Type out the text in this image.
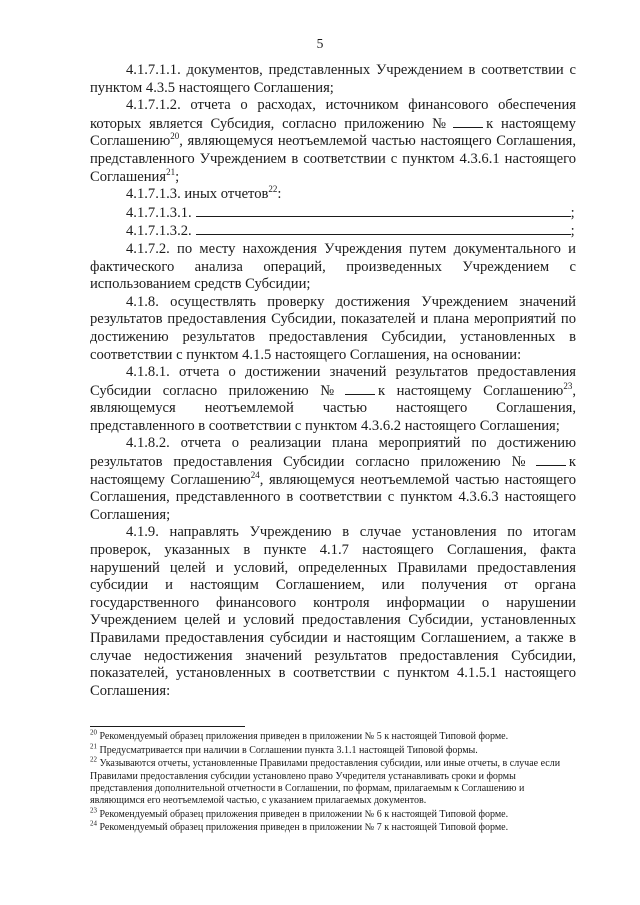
5

4.1.7.1.1. документов, представленных Учреждением в соответствии с пунктом 4.3.5 настоящего Соглашения;

4.1.7.1.2. отчета о расходах, источником финансового обеспечения которых является Субсидия, согласно приложению № к настоящему Соглашению$^{20}$, являющемуся неотъемлемой частью настоящего Соглашения, представленного Учреждением в соответствии с пунктом 4.3.6.1 настоящего Соглашения$^{21}$;

4.1.7.1.3. иных отчетов$^{22}$:

4.1.7.1.3.1.	;

4.1.7.1.3.2.	;

4.1.7.2. по месту нахождения Учреждения путем документального и фактического анализа операций, произведенных Учреждением с использованием средств Субсидии;

4.1.8. осуществлять проверку достижения Учреждением значений результатов предоставления Субсидии, показателей и плана мероприятий по достижению результатов предоставления Субсидии, установленных в соответствии с пунктом 4.1.5 настоящего Соглашения, на основании:

4.1.8.1. отчета о достижении значений результатов предоставления Субсидии согласно приложению № к настоящему Соглашению$^{23}$, являющемуся неотъемлемой частью настоящего Соглашения, представленного в соответствии с пунктом 4.3.6.2 настоящего Соглашения;

4.1.8.2. отчета о реализации плана мероприятий по достижению результатов предоставления Субсидии согласно приложению № к настоящему Соглашению$^{24}$, являющемуся неотъемлемой частью настоящего Соглашения, представленного в соответствии с пунктом 4.3.6.3 настоящего Соглашения;

4.1.9. направлять Учреждению в случае установления по итогам проверок, указанных в пункте 4.1.7 настоящего Соглашения, факта нарушений целей и условий, определенных Правилами предоставления субсидии и настоящим Соглашением, или получения от органа государственного финансового контроля информации о нарушении Учреждением целей и условий предоставления Субсидии, установленных Правилами предоставления субсидии и настоящим Соглашением, а также в случае недостижения значений результатов предоставления Субсидии, показателей, установленных в соответствии с пунктом 4.1.5.1 настоящего Соглашения:

$^{20}$ Рекомендуемый образец приложения приведен в приложении № 5 к настоящей Типовой форме.

$^{21}$ Предусматривается при наличии в Соглашении пункта 3.1.1 настоящей Типовой формы.

$^{22}$ Указываются отчеты, установленные Правилами предоставления субсидии, или иные отчеты, в случае если Правилами предоставления субсидии установлено право Учредителя устанавливать сроки и формы представления дополнительной отчетности в Соглашении, по формам, прилагаемым к Соглашению и являющимся его неотъемлемой частью, с указанием прилагаемых документов.

$^{23}$ Рекомендуемый образец приложения приведен в приложении № 6 к настоящей Типовой форме.

$^{24}$ Рекомендуемый образец приложения приведен в приложении № 7 к настоящей Типовой форме.
